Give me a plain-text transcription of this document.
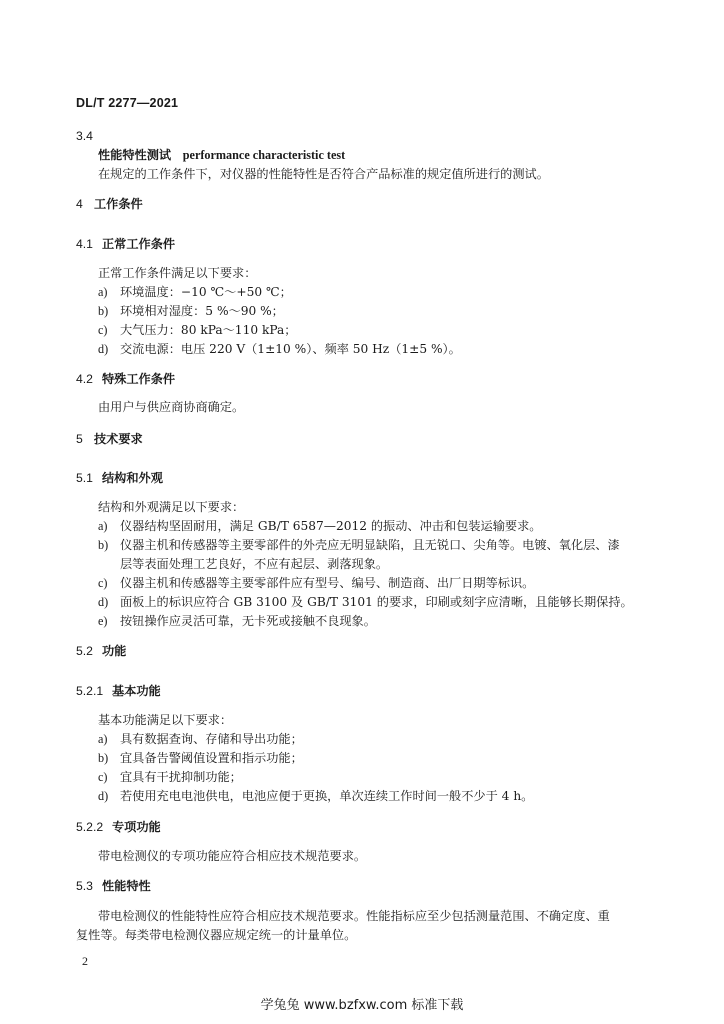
DL/T 2277—2021
3.4
性能特性测试 performance characteristic test
在规定的工作条件下，对仪器的性能特性是否符合产品标准的规定值所进行的测试。
4 工作条件
4.1 正常工作条件
正常工作条件满足以下要求：
a) 环境温度：−10 ℃～+50 ℃；
b) 环境相对湿度：5 %～90 %；
c) 大气压力：80 kPa～110 kPa；
d) 交流电源：电压 220 V（1±10 %）、频率 50 Hz（1±5 %）。
4.2 特殊工作条件
由用户与供应商协商确定。
5 技术要求
5.1 结构和外观
结构和外观满足以下要求：
a) 仪器结构坚固耐用，满足 GB/T 6587—2012 的振动、冲击和包装运输要求。
b) 仪器主机和传感器等主要零部件的外壳应无明显缺陷，且无锐口、尖角等。电镀、氧化层、漆
层等表面处理工艺良好，不应有起层、剥落现象。
c) 仪器主机和传感器等主要零部件应有型号、编号、制造商、出厂日期等标识。
d) 面板上的标识应符合 GB 3100 及 GB/T 3101 的要求，印刷或刻字应清晰，且能够长期保持。
e) 按钮操作应灵活可靠，无卡死或接触不良现象。
5.2 功能
5.2.1 基本功能
基本功能满足以下要求：
a) 具有数据查询、存储和导出功能；
b) 宜具备告警阈值设置和指示功能；
c) 宜具有干扰抑制功能；
d) 若使用充电电池供电，电池应便于更换，单次连续工作时间一般不少于 4 h。
5.2.2 专项功能
带电检测仪的专项功能应符合相应技术规范要求。
5.3 性能特性
带电检测仪的性能特性应符合相应技术规范要求。性能指标应至少包括测量范围、不确定度、重
复性等。每类带电检测仪器应规定统一的计量单位。
2
学兔兔 www.bzfxw.com 标准下载
